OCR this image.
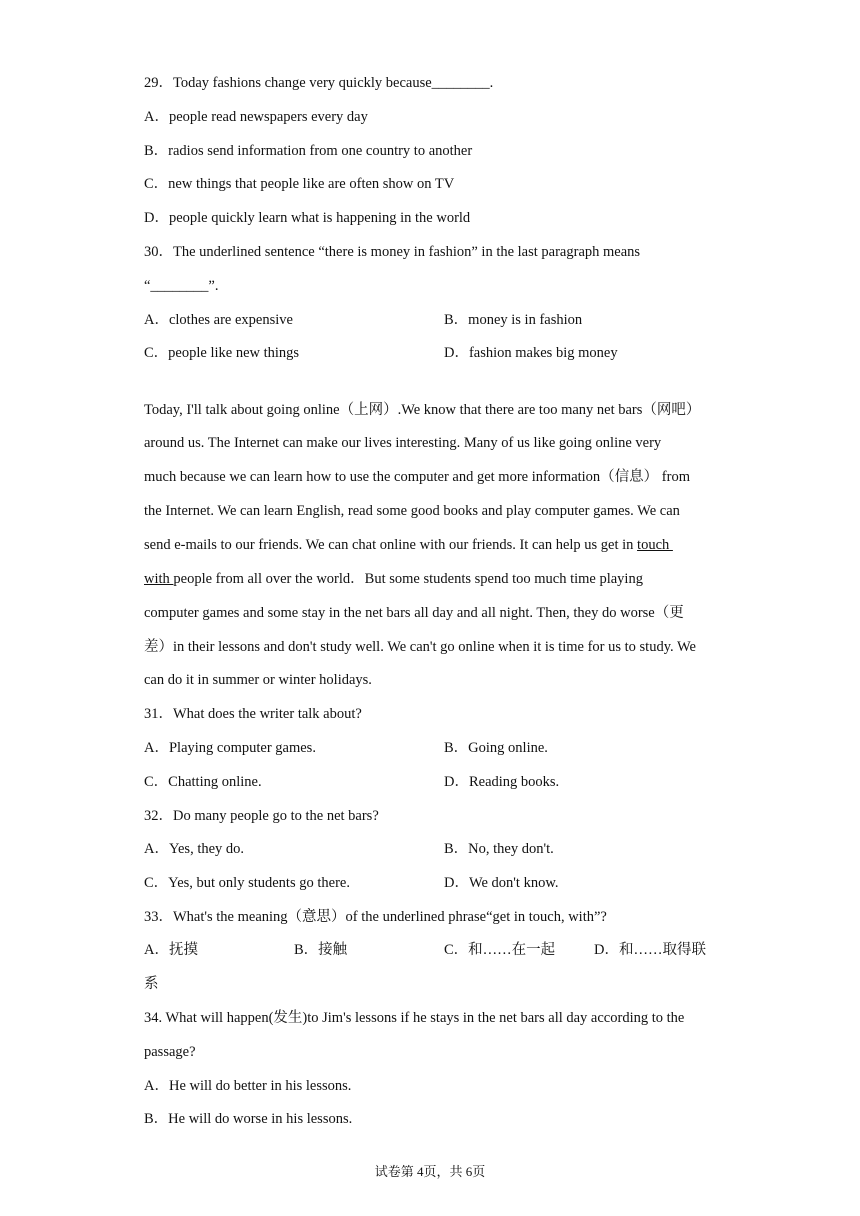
29．Today fashions change very quickly because________.
A．people read newspapers every day
B．radios send information from one country to another
C．new things that people like are often show on TV
D．people quickly learn what is happening in the world
30．The underlined sentence “there is money in fashion” in the last paragraph means
“________”.
A．clothes are expensive	B．money is in fashion
C．people like new things	D．fashion makes big money
Today, I'll talk about going online（上网）.We know that there are too many net bars（网吧）
around us. The Internet can make our lives interesting. Many of us like going online very
much because we can learn how to use the computer and get more information（信息） from
the Internet. We can learn English, read some good books and play computer games. We can
send e-mails to our friends. We can chat online with our friends. It can help us get in touch
with people from all over the world．But some students spend too much time playing
computer games and some stay in the net bars all day and all night. Then, they do worse（更
差）in their lessons and don't study well. We can't go online when it is time for us to study. We
can do it in summer or winter holidays.
31．What does the writer talk about?
A．Playing computer games.	B．Going online.
C．Chatting online.	D．Reading books.
32．Do many people go to the net bars?
A．Yes, they do.	B．No, they don't.
C．Yes, but only students go there.	D．We don't know.
33．What's the meaning（意思）of the underlined phrase“get in touch, with”?
A．抚摸	B．接触	C．和……在一起	D．和……取得联
系
34. What will happen(发生)to Jim's lessons if he stays in the net bars all day according to the
passage?
A．He will do better in his lessons.
B．He will do worse in his lessons.
试卷第 4页，共 6页
